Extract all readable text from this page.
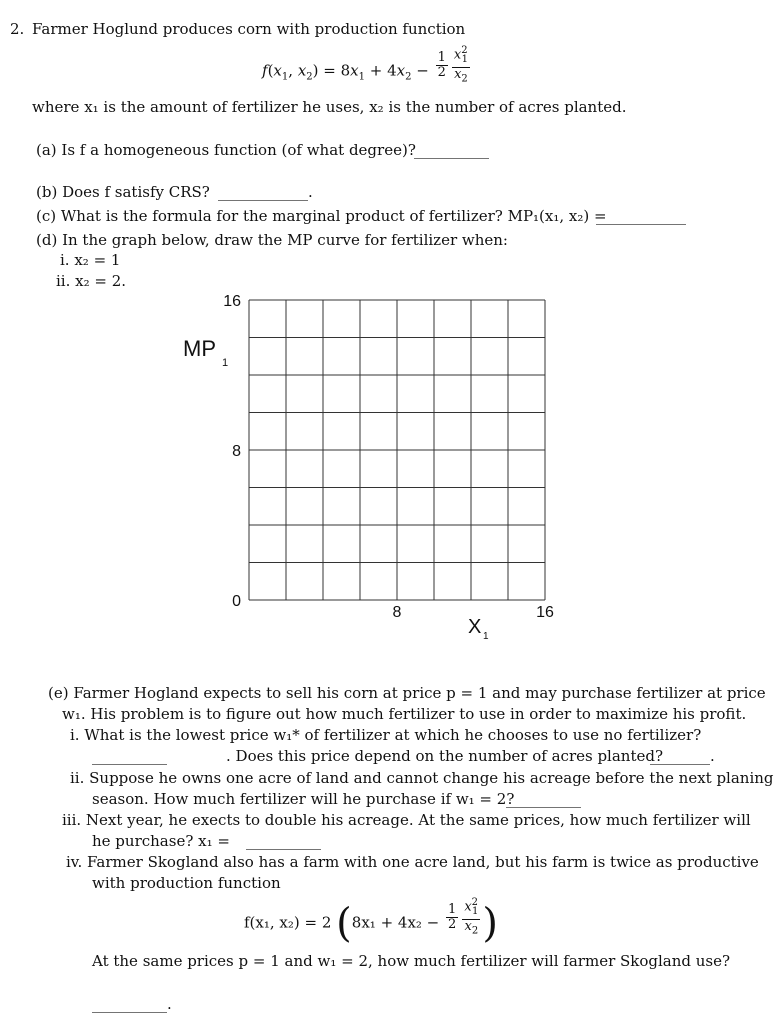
2. Farmer Hoglund produces corn with production function
$f(x_1$, $x_2) = 8x_1 + 4x_2 - \frac{1}{2} \frac{x^2_1}{x_2}$
where x₁ is the amount of fertilizer he uses, x₂ is the number of acres planted.
(a) Is f a homogeneous function (of what degree)?
__________
(b) Does f satisfy CRS? ____________.
(c) What is the formula for the marginal product of fertilizer? MP₁(x₁, x₂) =
____________
(d) In the graph below, draw the MP curve for fertilizer when:
i. x₂ = 1
ii. x₂ = 2.
16
8
0
8	16
MP
1
X 1
(e) Farmer Hogland expects to sell his corn at price p = 1 and may purchase fertilizer at price
w₁. His problem is to figure out how much fertilizer to use in order to maximize his profit.
i. What is the lowest price w₁* of fertilizer at which he chooses to use no fertilizer?
__________	. Does this price depend on the number of acres planted?
________.
ii. Suppose he owns one acre of land and cannot change his acreage before the next planing
season. How much fertilizer will he purchase if w₁ = 2?
__________
iii. Next year, he exects to double his acreage. At the same prices, how much fertilizer will
he purchase? x₁ = __________
iv. Farmer Skogland also has a farm with one acre land, but his farm is twice as productive
with production function
f(x₁, x₂) = 2 ($8x_1 + 4x_2 - \frac{1}{2} \frac{x^2_1}{x_2}$ )
At the same prices p = 1 and w₁ = 2, how much fertilizer will farmer Skogland use?
__________.
